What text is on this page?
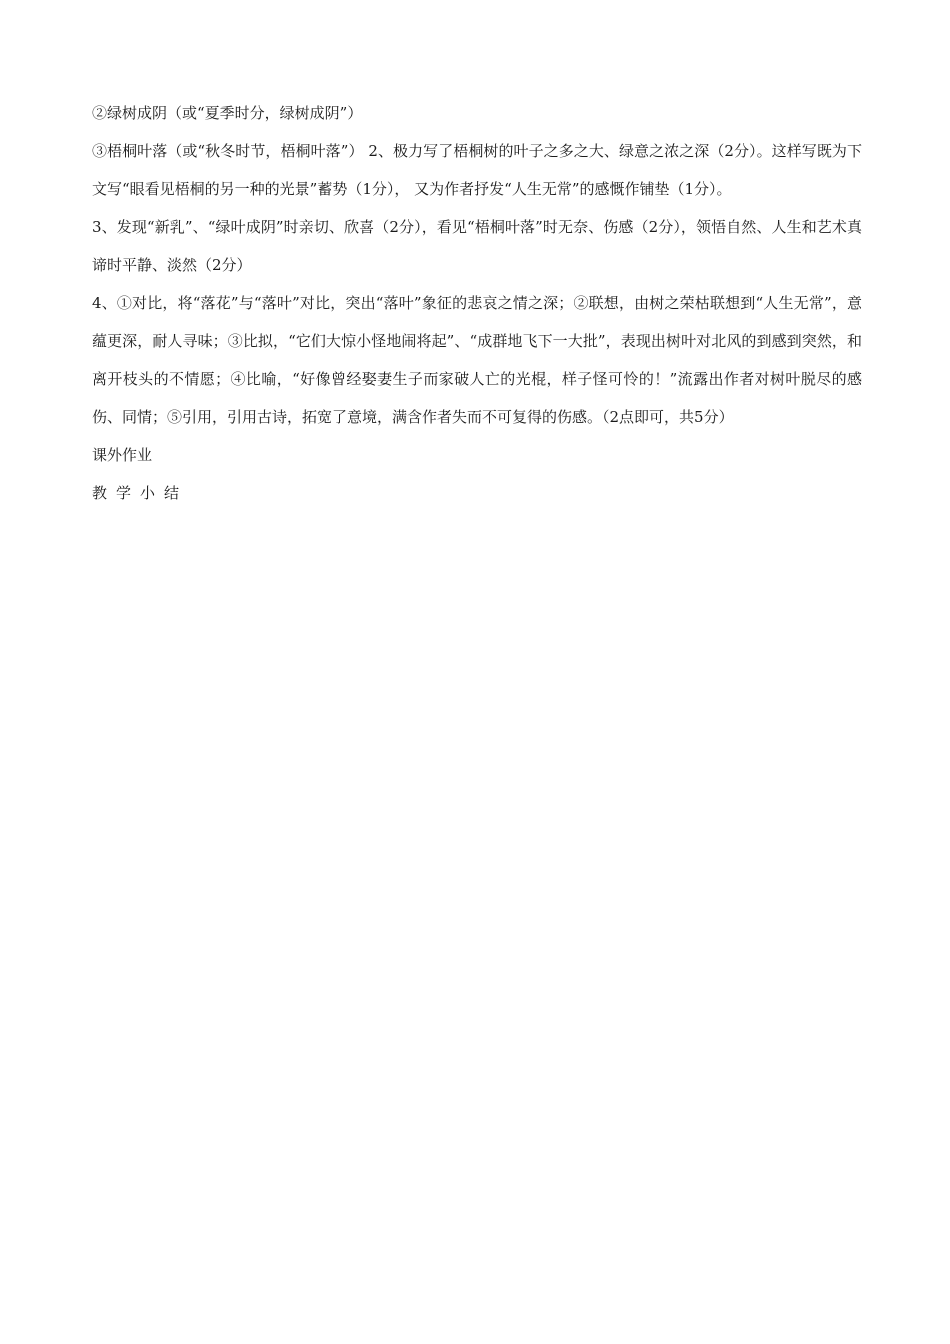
②绿树成阴（或“夏季时分，绿树成阴”）

③梧桐叶落（或“秋冬时节，梧桐叶落”） 2、极力写了梧桐树的叶子之多之大、绿意之浓之深（2分）。这样写既为下文写“眼看见梧桐的另一种的光景”蓄势（1分）， 又为作者抒发“人生无常”的感慨作铺垫（1分）。

3、发现“新乳”、“绿叶成阴”时亲切、欣喜（2分），看见“梧桐叶落”时无奈、伤感（2分），领悟自然、人生和艺术真谛时平静、淡然（2分）

4、①对比，将“落花”与“落叶”对比，突出“落叶”象征的悲哀之情之深；②联想，由树之荣枯联想到“人生无常”，意蕴更深，耐人寻味；③比拟，“它们大惊小怪地闹将起”、“成群地飞下一大批”，表现出树叶对北风的到感到突然，和离开枝头的不情愿；④比喻，“好像曾经娶妻生子而家破人亡的光棍，样子怪可怜的！”流露出作者对树叶脱尽的感伤、同情；⑤引用，引用古诗，拓宽了意境，满含作者失而不可复得的伤感。（2点即可，共5分）

课外作业

教学小结
